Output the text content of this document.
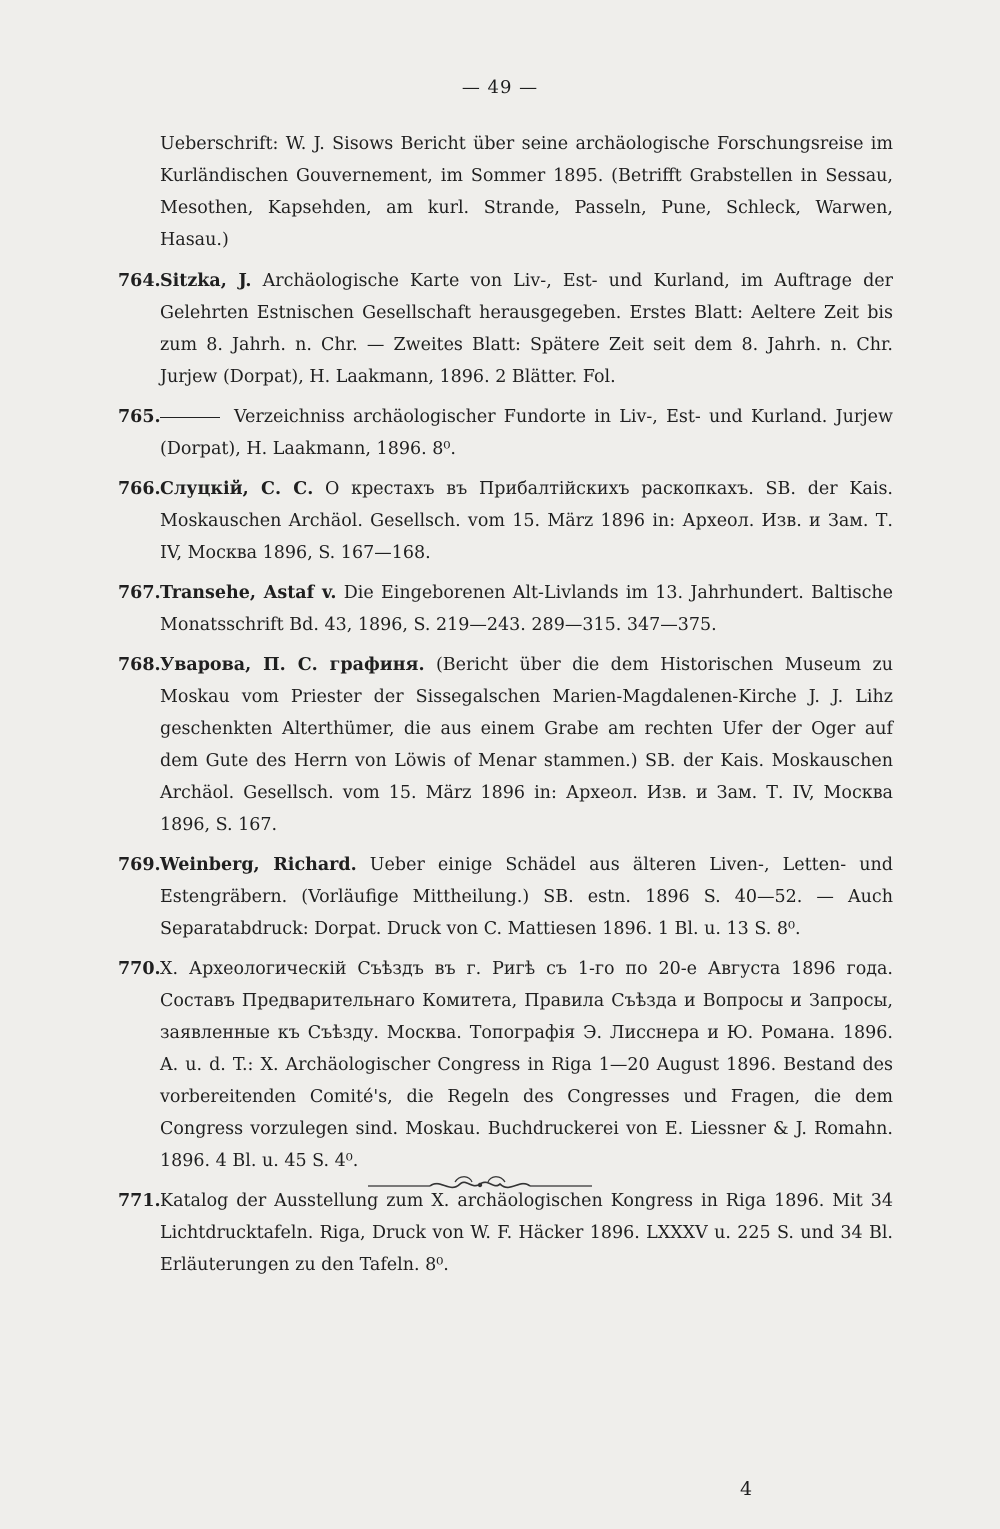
— 49 —
Ueberschrift: W. J. Sisows Bericht über seine archäologische Forschungsreise im Kurländischen Gouvernement, im Sommer 1895. (Betrifft Grabstellen in Sessau, Mesothen, Kapsehden, am kurl. Strande, Passeln, Pune, Schleck, Warwen, Hasau.)
764. Sitzka, J. Archäologische Karte von Liv-, Est- und Kurland, im Auftrage der Gelehrten Estnischen Gesellschaft herausgegeben. Erstes Blatt: Aeltere Zeit bis zum 8. Jahrh. n. Chr. — Zweites Blatt: Spätere Zeit seit dem 8. Jahrh. n. Chr. Jurjew (Dorpat), H. Laakmann, 1896. 2 Blätter. Fol.
765.	Verzeichniss archäologischer Fundorte in Liv-, Est- und Kurland. Jurjew (Dorpat), H. Laakmann, 1896. 8⁰.
766. Слуцкій, С. С. О крестахъ въ Прибалтійскихъ раскопкахъ. SB. der Kais. Moskauschen Archäol. Gesellsch. vom 15. März 1896 in: Археол. Изв. и Зам. Т. IV, Москва 1896, S. 167—168.
767. Transehe, Astaf v. Die Eingeborenen Alt-Livlands im 13. Jahrhundert. Baltische Monatsschrift Bd. 43, 1896, S. 219—243. 289—315. 347—375.
768. Уварова, П. С. графиня. (Bericht über die dem Historischen Museum zu Moskau vom Priester der Sissegalschen Marien-Magdalenen-Kirche J. J. Lihz geschenkten Alterthümer, die aus einem Grabe am rechten Ufer der Oger auf dem Gute des Herrn von Löwis of Menar stammen.) SB. der Kais. Moskauschen Archäol. Gesellsch. vom 15. März 1896 in: Археол. Изв. и Зам. Т. IV, Москва 1896, S. 167.
769. Weinberg, Richard. Ueber einige Schädel aus älteren Liven-, Letten- und Estengräbern. (Vorläufige Mittheilung.) SB. estn. 1896 S. 40—52. — Auch Separatabdruck: Dorpat. Druck von C. Mattiesen 1896. 1 Bl. u. 13 S. 8⁰.
770. X. Археологическій Съѣздъ въ г. Ригѣ съ 1-го по 20-е Августа 1896 года. Составъ Предварительнаго Комитета, Правила Съѣзда и Вопросы и Запросы, заявленные къ Съѣзду. Москва. Топографія Э. Лисснера и Ю. Романа. 1896. A. u. d. T.: X. Archäologischer Congress in Riga 1—20 August 1896. Bestand des vorbereitenden Comité's, die Regeln des Congresses und Fragen, die dem Congress vorzulegen sind. Moskau. Buchdruckerei von E. Liessner & J. Romahn. 1896. 4 Bl. u. 45 S. 4⁰.
771. Katalog der Ausstellung zum X. archäologischen Kongress in Riga 1896. Mit 34 Lichtdrucktafeln. Riga, Druck von W. F. Häcker 1896. LXXXV u. 225 S. und 34 Bl. Erläuterungen zu den Tafeln. 8⁰.
4
